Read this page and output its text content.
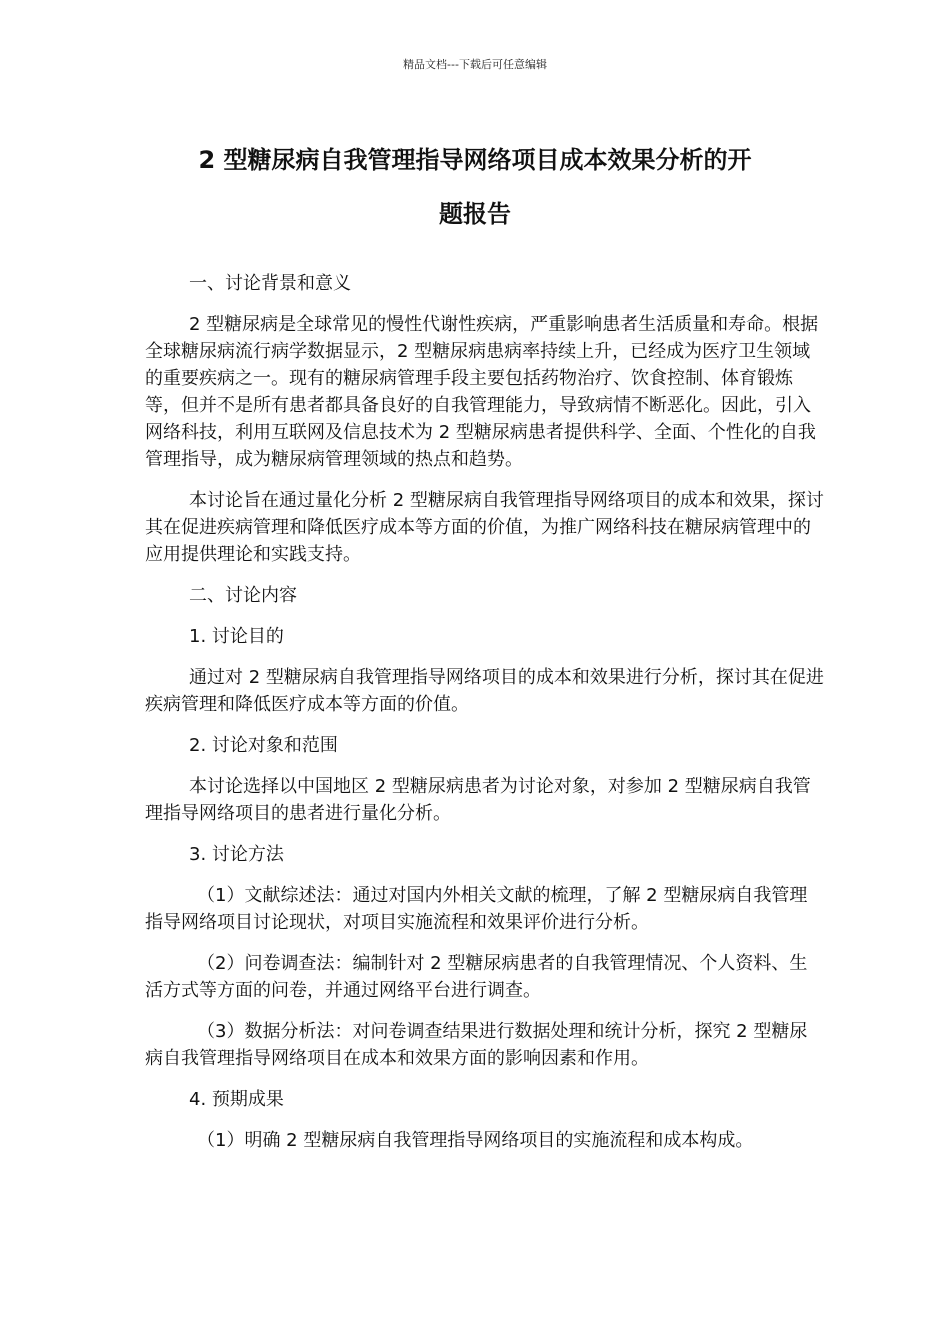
精品文档---下载后可任意编辑
2 型糖尿病自我管理指导网络项目成本效果分析的开
题报告

一、讨论背景和意义

2 型糖尿病是全球常见的慢性代谢性疾病，严重影响患者生活质量和寿命。根据全球糖尿病流行病学数据显示，2 型糖尿病患病率持续上升，已经成为医疗卫生领域的重要疾病之一。现有的糖尿病管理手段主要包括药物治疗、饮食控制、体育锻炼等，但并不是所有患者都具备良好的自我管理能力，导致病情不断恶化。因此，引入网络科技，利用互联网及信息技术为 2 型糖尿病患者提供科学、全面、个性化的自我管理指导，成为糖尿病管理领域的热点和趋势。

本讨论旨在通过量化分析 2 型糖尿病自我管理指导网络项目的成本和效果，探讨其在促进疾病管理和降低医疗成本等方面的价值，为推广网络科技在糖尿病管理中的应用提供理论和实践支持。

二、讨论内容

1. 讨论目的

通过对 2 型糖尿病自我管理指导网络项目的成本和效果进行分析，探讨其在促进疾病管理和降低医疗成本等方面的价值。

2. 讨论对象和范围

本讨论选择以中国地区 2 型糖尿病患者为讨论对象，对参加 2 型糖尿病自我管理指导网络项目的患者进行量化分析。

3. 讨论方法

（1）文献综述法：通过对国内外相关文献的梳理，了解 2 型糖尿病自我管理指导网络项目讨论现状，对项目实施流程和效果评价进行分析。

（2）问卷调查法：编制针对 2 型糖尿病患者的自我管理情况、个人资料、生活方式等方面的问卷，并通过网络平台进行调查。

（3）数据分析法：对问卷调查结果进行数据处理和统计分析，探究 2 型糖尿病自我管理指导网络项目在成本和效果方面的影响因素和作用。

4. 预期成果

（1）明确 2 型糖尿病自我管理指导网络项目的实施流程和成本构成。
